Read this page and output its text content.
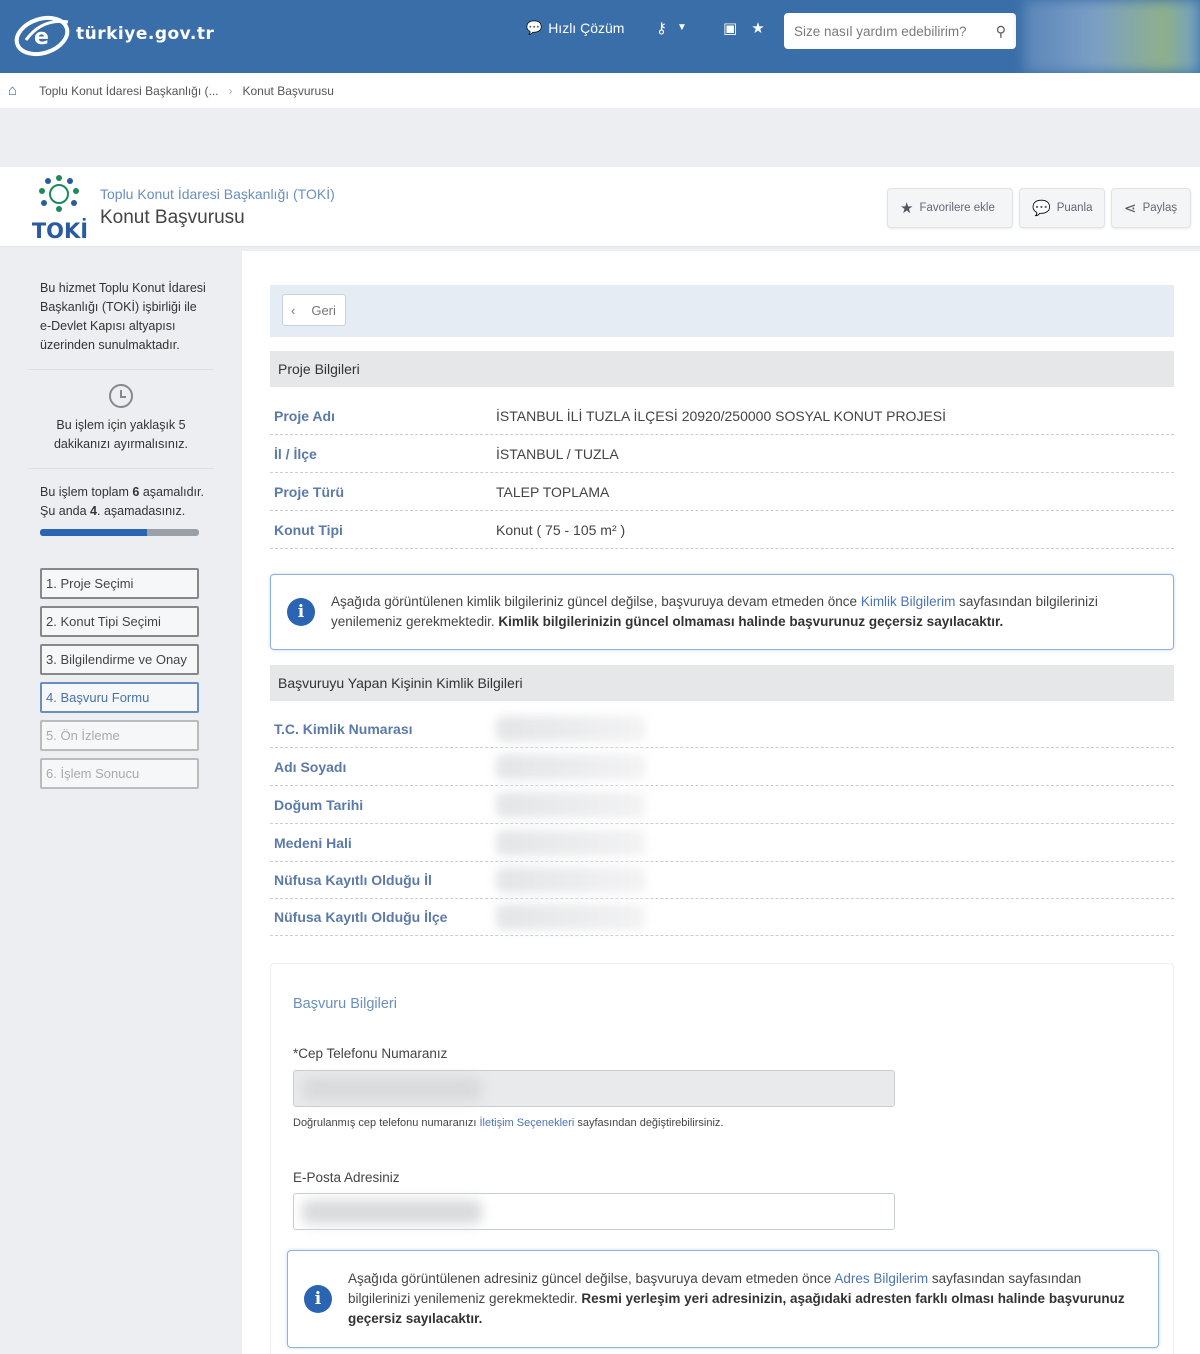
e türkiye.gov.tr	💬 Hızlı Çözüm ⚷ ▼ ▣ ★
Size nasıl yardım edebilirim?	⚲
⌂ Toplu Konut İdaresi Başkanlığı (... › Konut Başvurusu
TOKİ
Toplu Konut İdaresi Başkanlığı (TOKİ)
Konut Başvurusu	★ Favorilere ekle 💬 Puanla ⋖ Paylaş

Bu hizmet Toplu Konut İdaresi Başkanlığı (TOKİ) işbirliği ile e-Devlet Kapısı altyapısı üzerinden sunulmaktadır.

Bu işlem için yaklaşık 5 dakikanızı ayırmalısınız.

Bu işlem toplam 6 aşamalıdır. Şu anda 4. aşamadasınız.

1. Proje Seçimi
2. Konut Tipi Seçimi
3. Bilgilendirme ve Onay
4. Başvuru Formu
5. Ön İzleme
6. İşlem Sonucu
‹ Geri
Proje Bilgileri
Proje Adı	İSTANBUL İLİ TUZLA İLÇESİ 20920/250000 SOSYAL KONUT PROJESİ
İl / İlçe	İSTANBUL / TUZLA
Proje Türü	TALEP TOPLAMA
Konut Tipi	Konut ( 75 - 105 m² )
i

Aşağıda görüntülenen kimlik bilgileriniz güncel değilse, başvuruya devam etmeden önce Kimlik Bilgilerim sayfasından bilgilerinizi yenilemeniz gerekmektedir. Kimlik bilgilerinizin güncel olmaması halinde başvurunuz geçersiz sayılacaktır.

Başvuruyu Yapan Kişinin Kimlik Bilgileri
T.C. Kimlik Numarası
Adı Soyadı
Doğum Tarihi
Medeni Hali
Nüfusa Kayıtlı Olduğu İl
Nüfusa Kayıtlı Olduğu İlçe
Başvuru Bilgileri
*Cep Telefonu Numaranız
Doğrulanmış cep telefonu numaranızı İletişim Seçenekleri sayfasından değiştirebilirsiniz.
E-Posta Adresiniz
i

Aşağıda görüntülenen adresiniz güncel değilse, başvuruya devam etmeden önce Adres Bilgilerim sayfasından sayfasından bilgilerinizi yenilemeniz gerekmektedir. Resmi yerleşim yeri adresinizin, aşağıdaki adresten farklı olması halinde başvurunuz geçersiz sayılacaktır.
